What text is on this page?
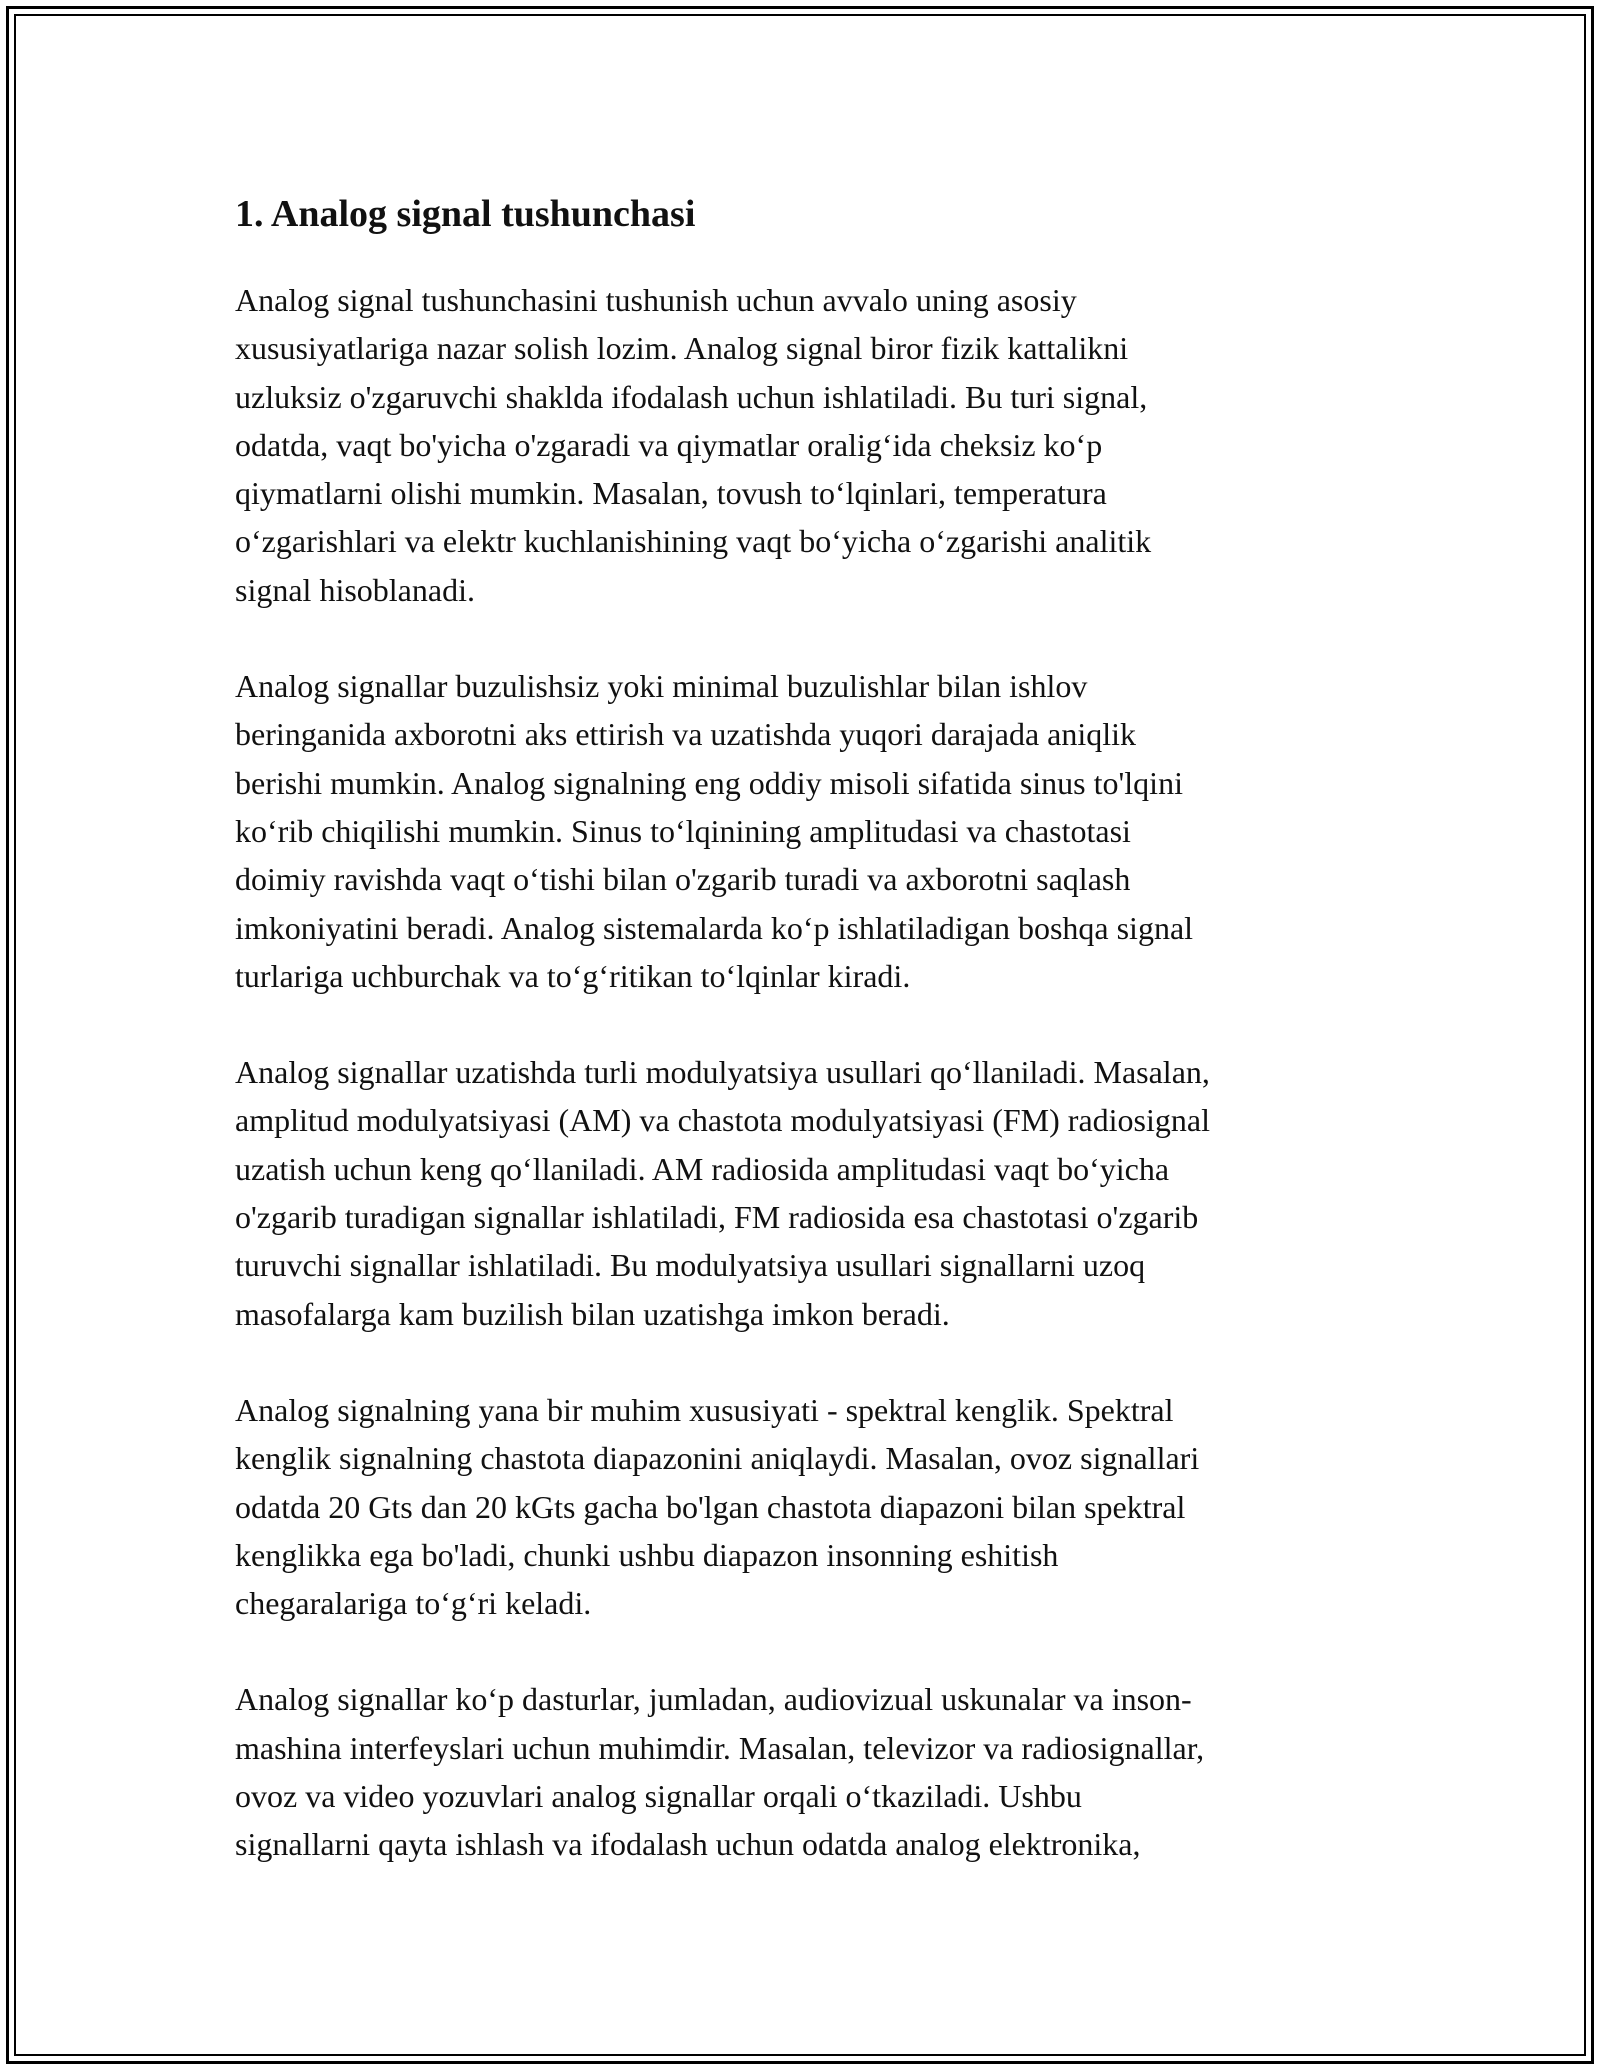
1. Analog signal tushunchasi

Analog signal tushunchasini tushunish uchun avvalo uning asosiy
xususiyatlariga nazar solish lozim. Analog signal biror fizik kattalikni
uzluksiz o'zgaruvchi shaklda ifodalash uchun ishlatiladi. Bu turi signal,
odatda, vaqt bo'yicha o'zgaradi va qiymatlar oralig‘ida cheksiz ko‘p
qiymatlarni olishi mumkin. Masalan, tovush to‘lqinlari, temperatura
o‘zgarishlari va elektr kuchlanishining vaqt bo‘yicha o‘zgarishi analitik
signal hisoblanadi.

Analog signallar buzulishsiz yoki minimal buzulishlar bilan ishlov
beringanida axborotni aks ettirish va uzatishda yuqori darajada aniqlik
berishi mumkin. Analog signalning eng oddiy misoli sifatida sinus to'lqini
ko‘rib chiqilishi mumkin. Sinus to‘lqinining amplitudasi va chastotasi
doimiy ravishda vaqt o‘tishi bilan o'zgarib turadi va axborotni saqlash
imkoniyatini beradi. Analog sistemalarda ko‘p ishlatiladigan boshqa signal
turlariga uchburchak va to‘g‘ritikan to‘lqinlar kiradi.

Analog signallar uzatishda turli modulyatsiya usullari qo‘llaniladi. Masalan,
amplitud modulyatsiyasi (AM) va chastota modulyatsiyasi (FM) radiosignal
uzatish uchun keng qo‘llaniladi. AM radiosida amplitudasi vaqt bo‘yicha
o'zgarib turadigan signallar ishlatiladi, FM radiosida esa chastotasi o'zgarib
turuvchi signallar ishlatiladi. Bu modulyatsiya usullari signallarni uzoq
masofalarga kam buzilish bilan uzatishga imkon beradi.

Analog signalning yana bir muhim xususiyati - spektral kenglik. Spektral
kenglik signalning chastota diapazonini aniqlaydi. Masalan, ovoz signallari
odatda 20 Gts dan 20 kGts gacha bo'lgan chastota diapazoni bilan spektral
kenglikka ega bo'ladi, chunki ushbu diapazon insonning eshitish
chegaralariga to‘g‘ri keladi.

Analog signallar ko‘p dasturlar, jumladan, audiovizual uskunalar va inson-
mashina interfeyslari uchun muhimdir. Masalan, televizor va radiosignallar,
ovoz va video yozuvlari analog signallar orqali o‘tkaziladi. Ushbu
signallarni qayta ishlash va ifodalash uchun odatda analog elektronika,
